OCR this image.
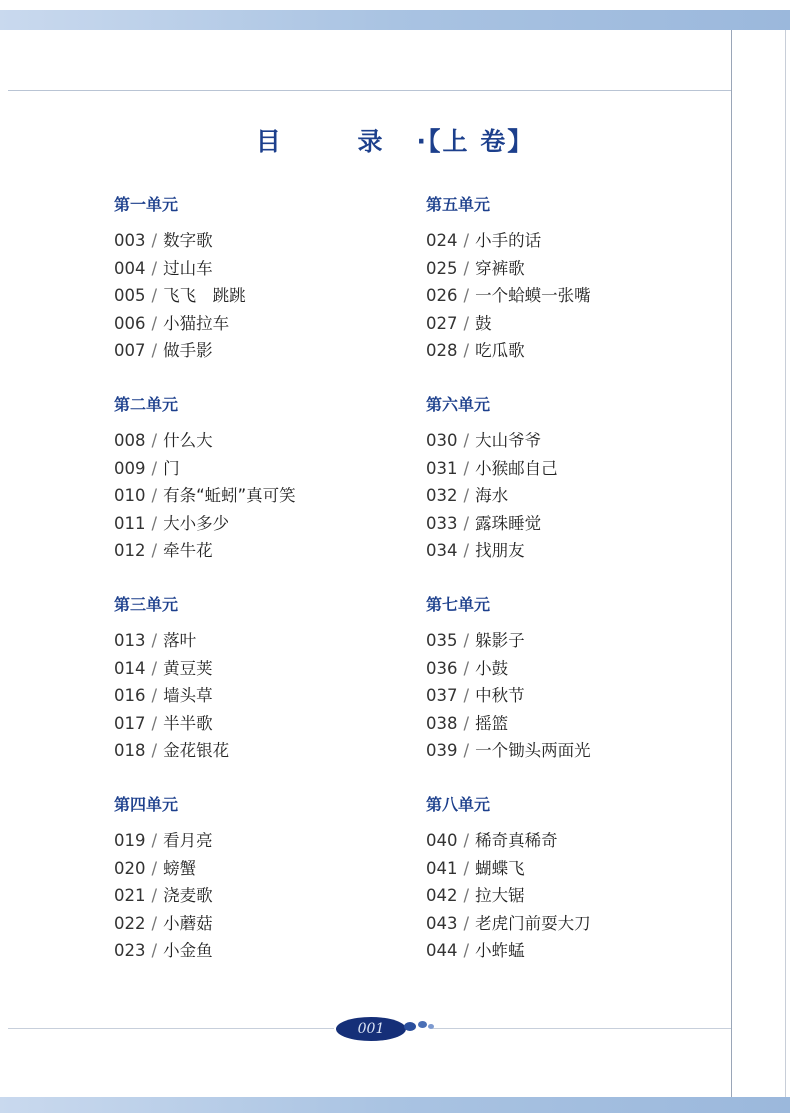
目 录·【上 卷】
第一单元
003 / 数字歌
004 / 过山车
005 / 飞飞　跳跳
006 / 小猫拉车
007 / 做手影
第二单元
008 / 什么大
009 / 门
010 / 有条“蚯蚓”真可笑
011 / 大小多少
012 / 牵牛花
第三单元
013 / 落叶
014 / 黄豆荚
016 / 墙头草
017 / 半半歌
018 / 金花银花
第四单元
019 / 看月亮
020 / 螃蟹
021 / 浇麦歌
022 / 小蘑菇
023 / 小金鱼
第五单元
024 / 小手的话
025 / 穿裤歌
026 / 一个蛤蟆一张嘴
027 / 鼓
028 / 吃瓜歌
第六单元
030 / 大山爷爷
031 / 小猴邮自己
032 / 海水
033 / 露珠睡觉
034 / 找朋友
第七单元
035 / 躲影子
036 / 小鼓
037 / 中秋节
038 / 摇篮
039 / 一个锄头两面光
第八单元
040 / 稀奇真稀奇
041 / 蝴蝶飞
042 / 拉大锯
043 / 老虎门前耍大刀
044 / 小蚱蜢
001
